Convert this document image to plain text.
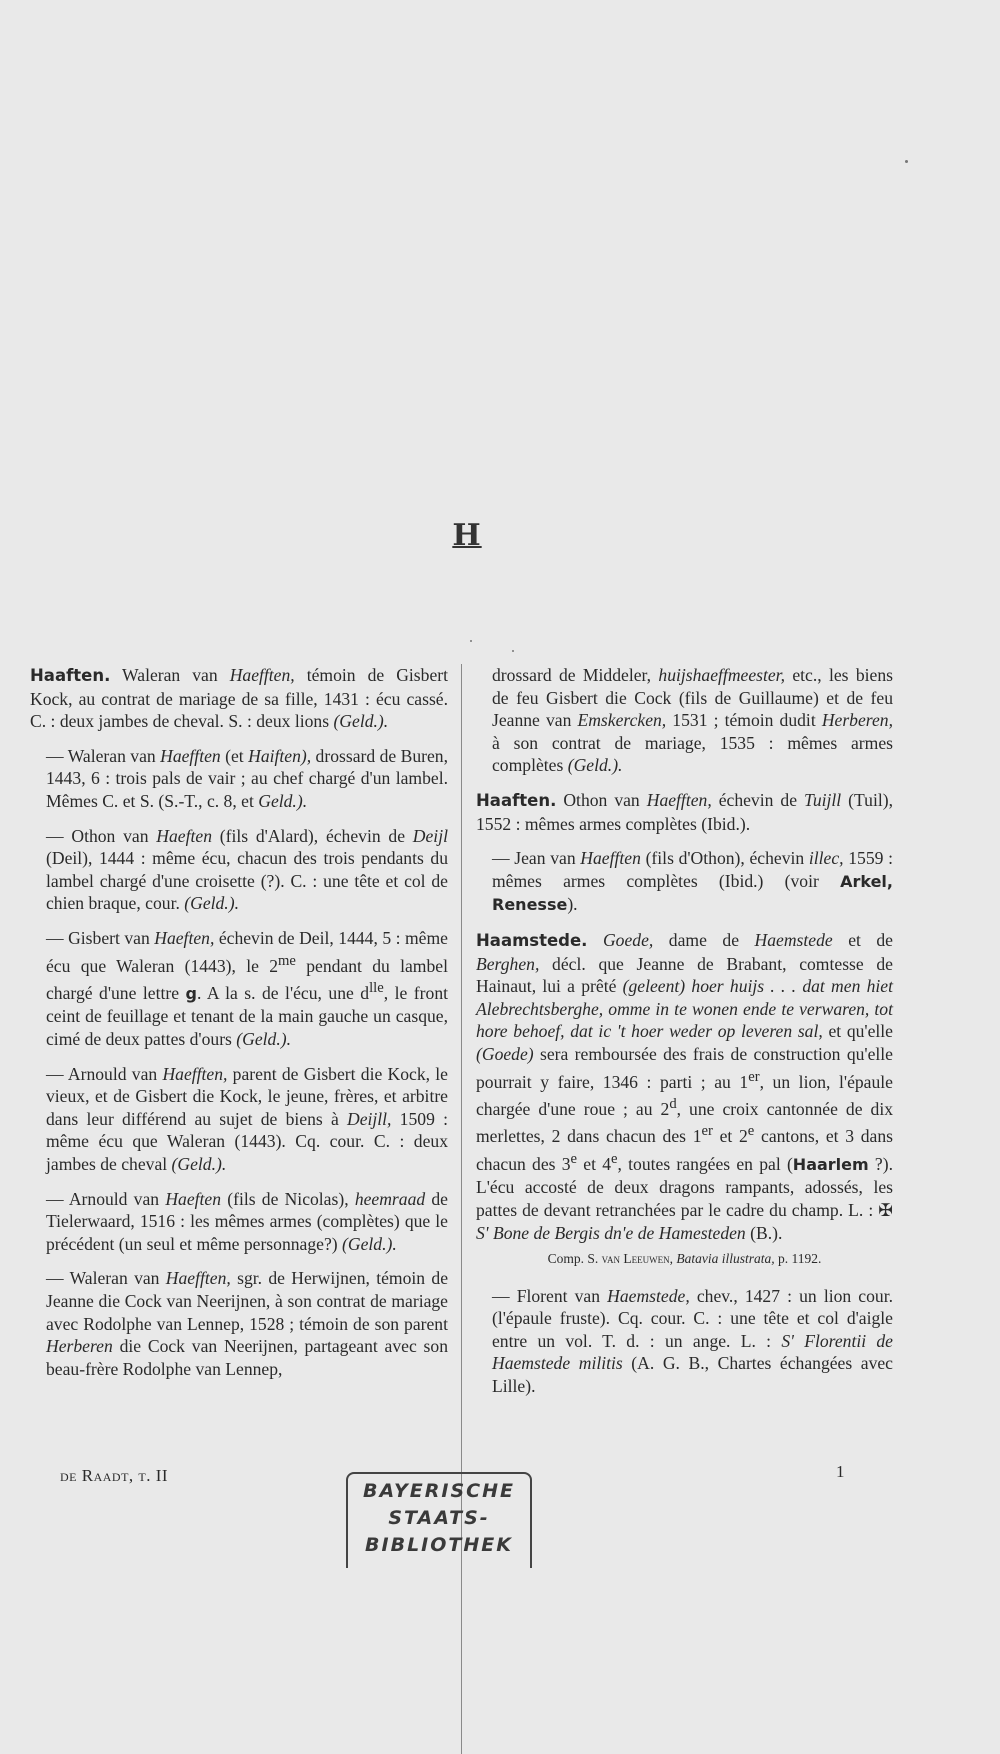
H

Haaften. Waleran van Haefften, témoin de Gisbert Kock, au contrat de mariage de sa fille, 1431 : écu cassé. C. : deux jambes de cheval. S. : deux lions (Geld.).

— Waleran van Haefften (et Haiften), drossard de Buren, 1443, 6 : trois pals de vair ; au chef chargé d'un lambel. Mêmes C. et S. (S.-T., c. 8, et Geld.).

— Othon van Haeften (fils d'Alard), échevin de Deijl (Deil), 1444 : même écu, chacun des trois pendants du lambel chargé d'une croisette (?). C. : une tête et col de chien braque, cour. (Geld.).

— Gisbert van Haeften, échevin de Deil, 1444, 5 : même écu que Waleran (1443), le $2^{me}$ pendant du lambel chargé d'une lettre g. A la s. de l'écu, une $d^{lle}$, le front ceint de feuillage et tenant de la main gauche un casque, cimé de deux pattes d'ours (Geld.).

— Arnould van Haefften, parent de Gisbert die Kock, le vieux, et de Gisbert die Kock, le jeune, frères, et arbitre dans leur différend au sujet de biens à Deijll, 1509 : même écu que Waleran (1443). Cq. cour. C. : deux jambes de cheval (Geld.).

— Arnould van Haeften (fils de Nicolas), heemraad de Tielerwaard, 1516 : les mêmes armes (complètes) que le précédent (un seul et même personnage?) (Geld.).

— Waleran van Haefften, sgr. de Herwijnen, témoin de Jeanne die Cock van Neerijnen, à son contrat de mariage avec Rodolphe van Lennep, 1528 ; témoin de son parent Herberen die Cock van Neerijnen, partageant avec son beau-frère Rodolphe van Lennep,

drossard de Middeler, huijshaeffmeester, etc., les biens de feu Gisbert die Cock (fils de Guillaume) et de feu Jeanne van Emskercken, 1531 ; témoin dudit Herberen, à son contrat de mariage, 1535 : mêmes armes complètes (Geld.).

Haaften. Othon van Haefften, échevin de Tuijll (Tuil), 1552 : mêmes armes complètes (Ibid.).

— Jean van Haefften (fils d'Othon), échevin illec, 1559 : mêmes armes complètes (Ibid.) (voir Arkel, Renesse).

Haamstede. Goede, dame de Haemstede et de Berghen, décl. que Jeanne de Brabant, comtesse de Hainaut, lui a prêté (geleent) hoer huijs . . . dat men hiet Alebrechtsberghe, omme in te wonen ende te verwaren, tot hore behoef, dat ic 't hoer weder op leveren sal, et qu'elle (Goede) sera remboursée des frais de construction qu'elle pourrait y faire, 1346 : parti ; au 1er, un lion, l'épaule chargée d'une roue ; au 2$^d$, une croix cantonnée de dix merlettes, 2 dans chacun des 1er et 2e cantons, et 3 dans chacun des 3e et 4e, toutes rangées en pal (Haarlem ?). L'écu accosté de deux dragons rampants, adossés, les pattes de devant retranchées par le cadre du champ. L. : ✠ S' Bone de Bergis dn'e de Hamesteden (B.).

Comp. S. van Leeuwen, Batavia illustrata, p. 1192.

— Florent van Haemstede, chev., 1427 : un lion cour. (l'épaule fruste). Cq. cour. C. : une tête et col d'aigle entre un vol. T. d. : un ange. L. : S' Florentii de Haemstede militis (A. G. B., Chartes échangées avec Lille).

de Raadt, t. II	1
BAYERISCHE
STAATS-
BIBLIOTHEK
